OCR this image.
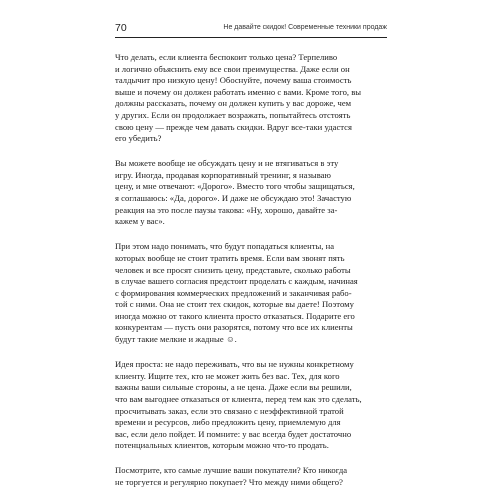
70	Не давайте скидок! Современные техники продаж

Что делать, если клиента беспокоит только цена? Терпеливо
и логично объяснить ему все свои преимущества. Даже если он
талдычит про низкую цену! Обоснуйте, почему ваша стоимость
выше и почему он должен работать именно с вами. Кроме того, вы
должны рассказать, почему он должен купить у вас дороже, чем
у других. Если он продолжает возражать, попытайтесь отстоять
свою цену — прежде чем давать скидки. Вдруг все-таки удастся
его убедить?

Вы можете вообще не обсуждать цену и не втягиваться в эту
игру. Иногда, продавая корпоративный тренинг, я называю
цену, и мне отвечают: «Дорого». Вместо того чтобы защищаться,
я соглашаюсь: «Да, дорого». И даже не обсуждаю это! Зачастую
реакция на это после паузы такова: «Ну, хорошо, давайте за-
кажем у вас».

При этом надо понимать, что будут попадаться клиенты, на
которых вообще не стоит тратить время. Если вам звонят пять
человек и все просят снизить цену, представьте, сколько работы
в случае вашего согласия предстоит проделать с каждым, начиная
с формирования коммерческих предложений и заканчивая рабо-
той с ними. Она не стоит тех скидок, которые вы даете! Поэтому
иногда можно от такого клиента просто отказаться. Подарите его
конкурентам — пусть они разорятся, потому что все их клиенты
будут такие мелкие и жадные ☺.

Идея проста: не надо переживать, что вы не нужны конкретному
клиенту. Ищите тех, кто не может жить без вас. Тех, для кого
важны ваши сильные стороны, а не цена. Даже если вы решили,
что вам выгоднее отказаться от клиента, перед тем как это сделать,
просчитывать заказ, если это связано с неэффективной тратой
времени и ресурсов, либо предложить цену, приемлемую для
вас, если дело пойдет. И помните: у вас всегда будет достаточно
потенциальных клиентов, которым можно что-то продать.

Посмотрите, кто самые лучшие ваши покупатели? Кто никогда
не торгуется и регулярно покупает? Что между ними общего?
